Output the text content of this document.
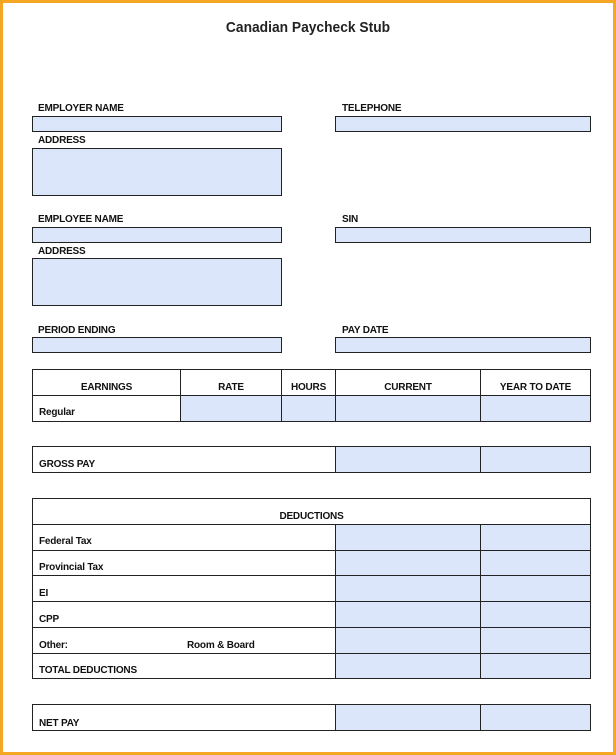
Canadian Paycheck Stub
EMPLOYER NAME	TELEPHONE
ADDRESS
EMPLOYEE NAME	SIN
ADDRESS
PERIOD ENDING	PAY DATE
EARNINGS	RATE	HOURS	CURRENT	YEAR TO DATE
Regular
GROSS PAY
DEDUCTIONS
Federal Tax
Provincial Tax
EI
CPP
Other:	Room & Board
TOTAL DEDUCTIONS
NET PAY
